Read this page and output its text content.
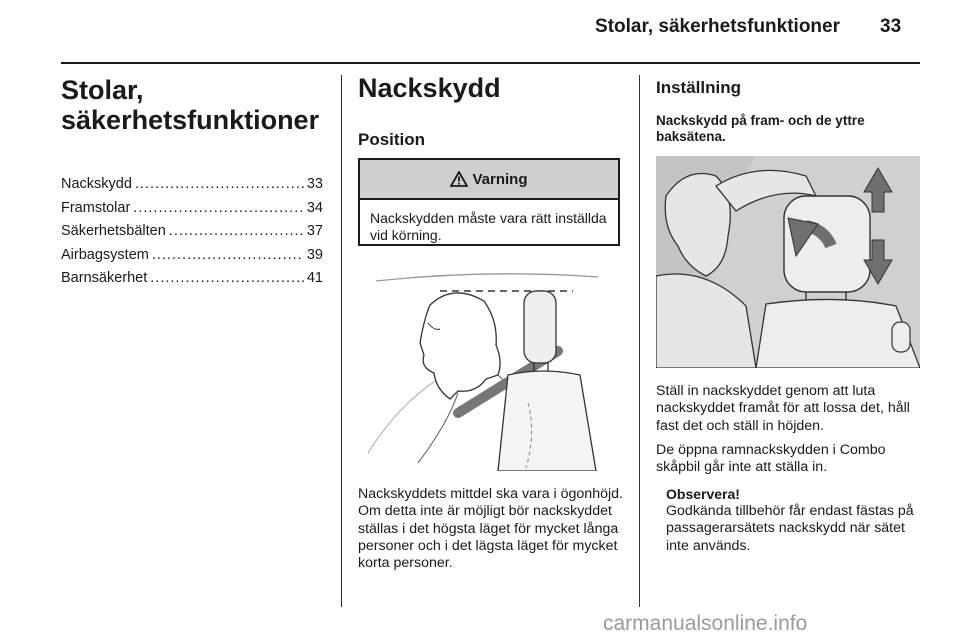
Stolar, säkerhetsfunktioner 33
Stolar, säkerhetsfunktioner
Nackskydd .....	33
Framstolar .....	34
Säkerhetsbälten .....	37
Airbagsystem .....	39
Barnsäkerhet .....	41
Nackskydd
Position
Varning
Nackskydden måste vara rätt inställda vid körning.

Nackskyddets mittdel ska vara i ögonhöjd. Om detta inte är möjligt bör nackskyddet ställas i det högsta läget för mycket långa personer och i det lägsta läget för mycket korta personer.

Inställning
Nackskydd på fram- och de yttre baksätena.

Ställ in nackskyddet genom att luta nackskyddet framåt för att lossa det, håll fast det och ställ in höjden.

De öppna ramnackskydden i Combo skåpbil går inte att ställa in.

Observera!

Godkända tillbehör får endast fästas på passagerarsätets nackskydd när sätet inte används.

carmanualsonline.info
